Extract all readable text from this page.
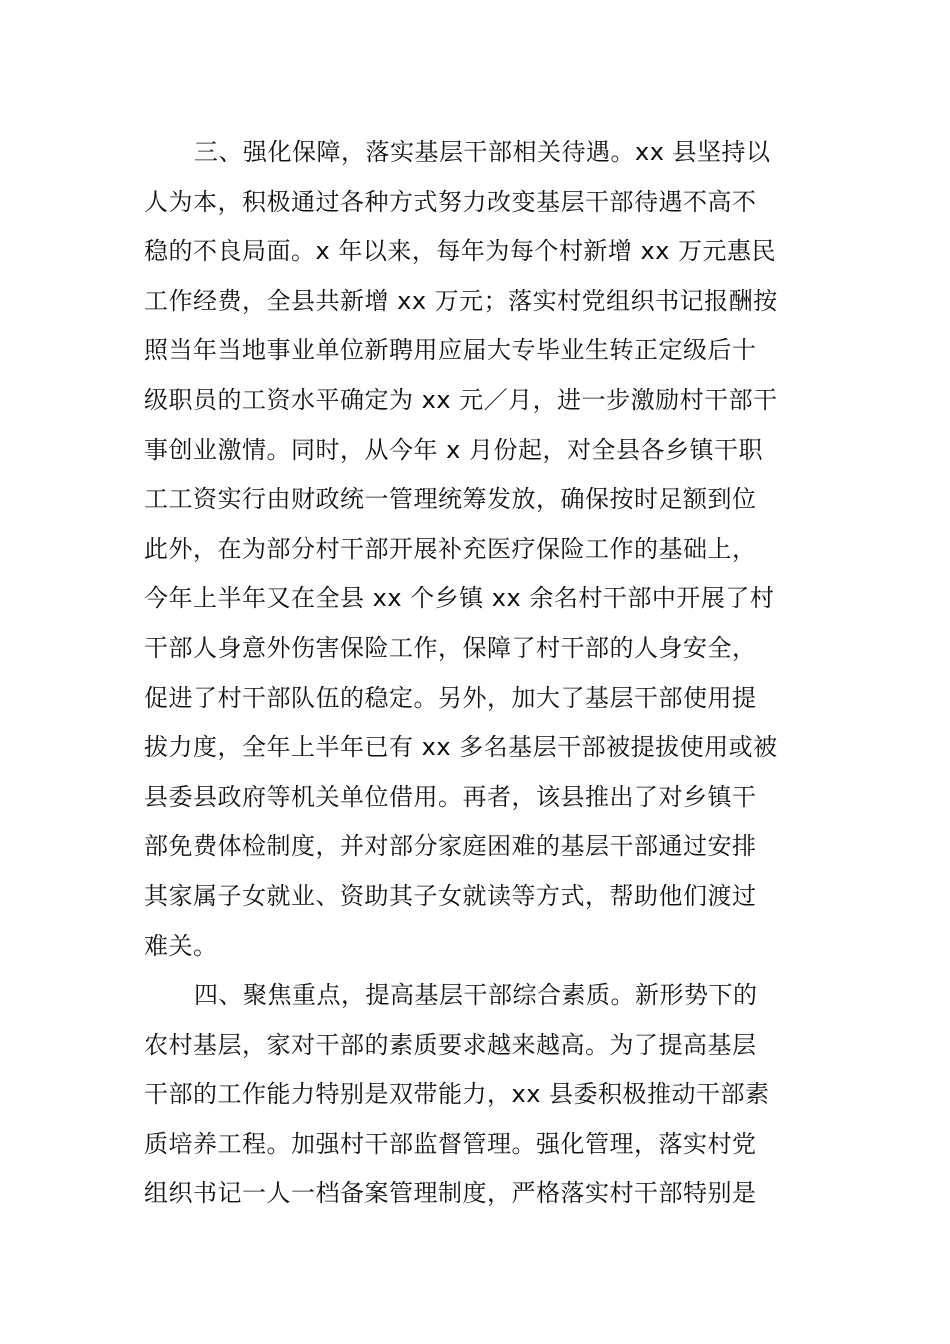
三、强化保障，落实基层干部相关待遇。xx 县坚持以
人为本，积极通过各种方式努力改变基层干部待遇不高不
稳的不良局面。x 年以来，每年为每个村新增 xx 万元惠民
工作经费，全县共新增 xx 万元；落实村党组织书记报酬按
照当年当地事业单位新聘用应届大专毕业生转正定级后十
级职员的工资水平确定为 xx 元／月，进一步激励村干部干
事创业激情。同时，从今年 x 月份起，对全县各乡镇干职
工工资实行由财政统一管理统筹发放，确保按时足额到位
此外，在为部分村干部开展补充医疗保险工作的基础上，
今年上半年又在全县 xx 个乡镇 xx 余名村干部中开展了村
干部人身意外伤害保险工作，保障了村干部的人身安全，
促进了村干部队伍的稳定。另外，加大了基层干部使用提
拔力度，全年上半年已有 xx 多名基层干部被提拔使用或被
县委县政府等机关单位借用。再者，该县推出了对乡镇干
部免费体检制度，并对部分家庭困难的基层干部通过安排
其家属子女就业、资助其子女就读等方式，帮助他们渡过
难关。
四、聚焦重点，提高基层干部综合素质。新形势下的
农村基层，家对干部的素质要求越来越高。为了提高基层
干部的工作能力特别是双带能力，xx 县委积极推动干部素
质培养工程。加强村干部监督管理。强化管理，落实村党
组织书记一人一档备案管理制度，严格落实村干部特别是
